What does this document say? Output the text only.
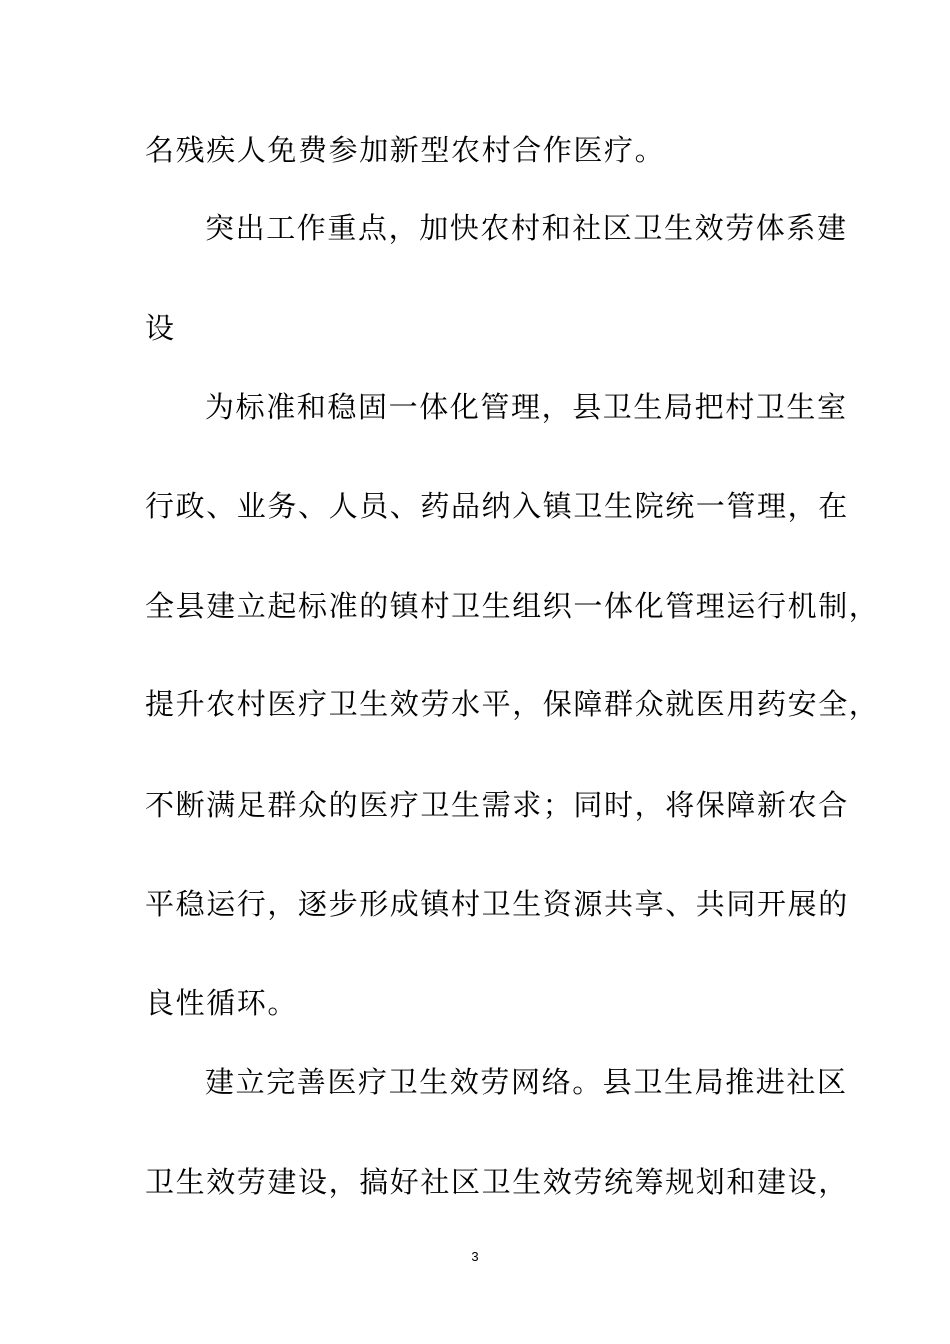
名残疾人免费参加新型农村合作医疗。
突出工作重点，加快农村和社区卫生效劳体系建
设
为标准和稳固一体化管理，县卫生局把村卫生室
行政、业务、人员、药品纳入镇卫生院统一管理，在
全县建立起标准的镇村卫生组织一体化管理运行机制，
提升农村医疗卫生效劳水平，保障群众就医用药安全，
不断满足群众的医疗卫生需求；同时，将保障新农合
平稳运行，逐步形成镇村卫生资源共享、共同开展的
良性循环。
建立完善医疗卫生效劳网络。县卫生局推进社区
卫生效劳建设，搞好社区卫生效劳统筹规划和建设，
3
